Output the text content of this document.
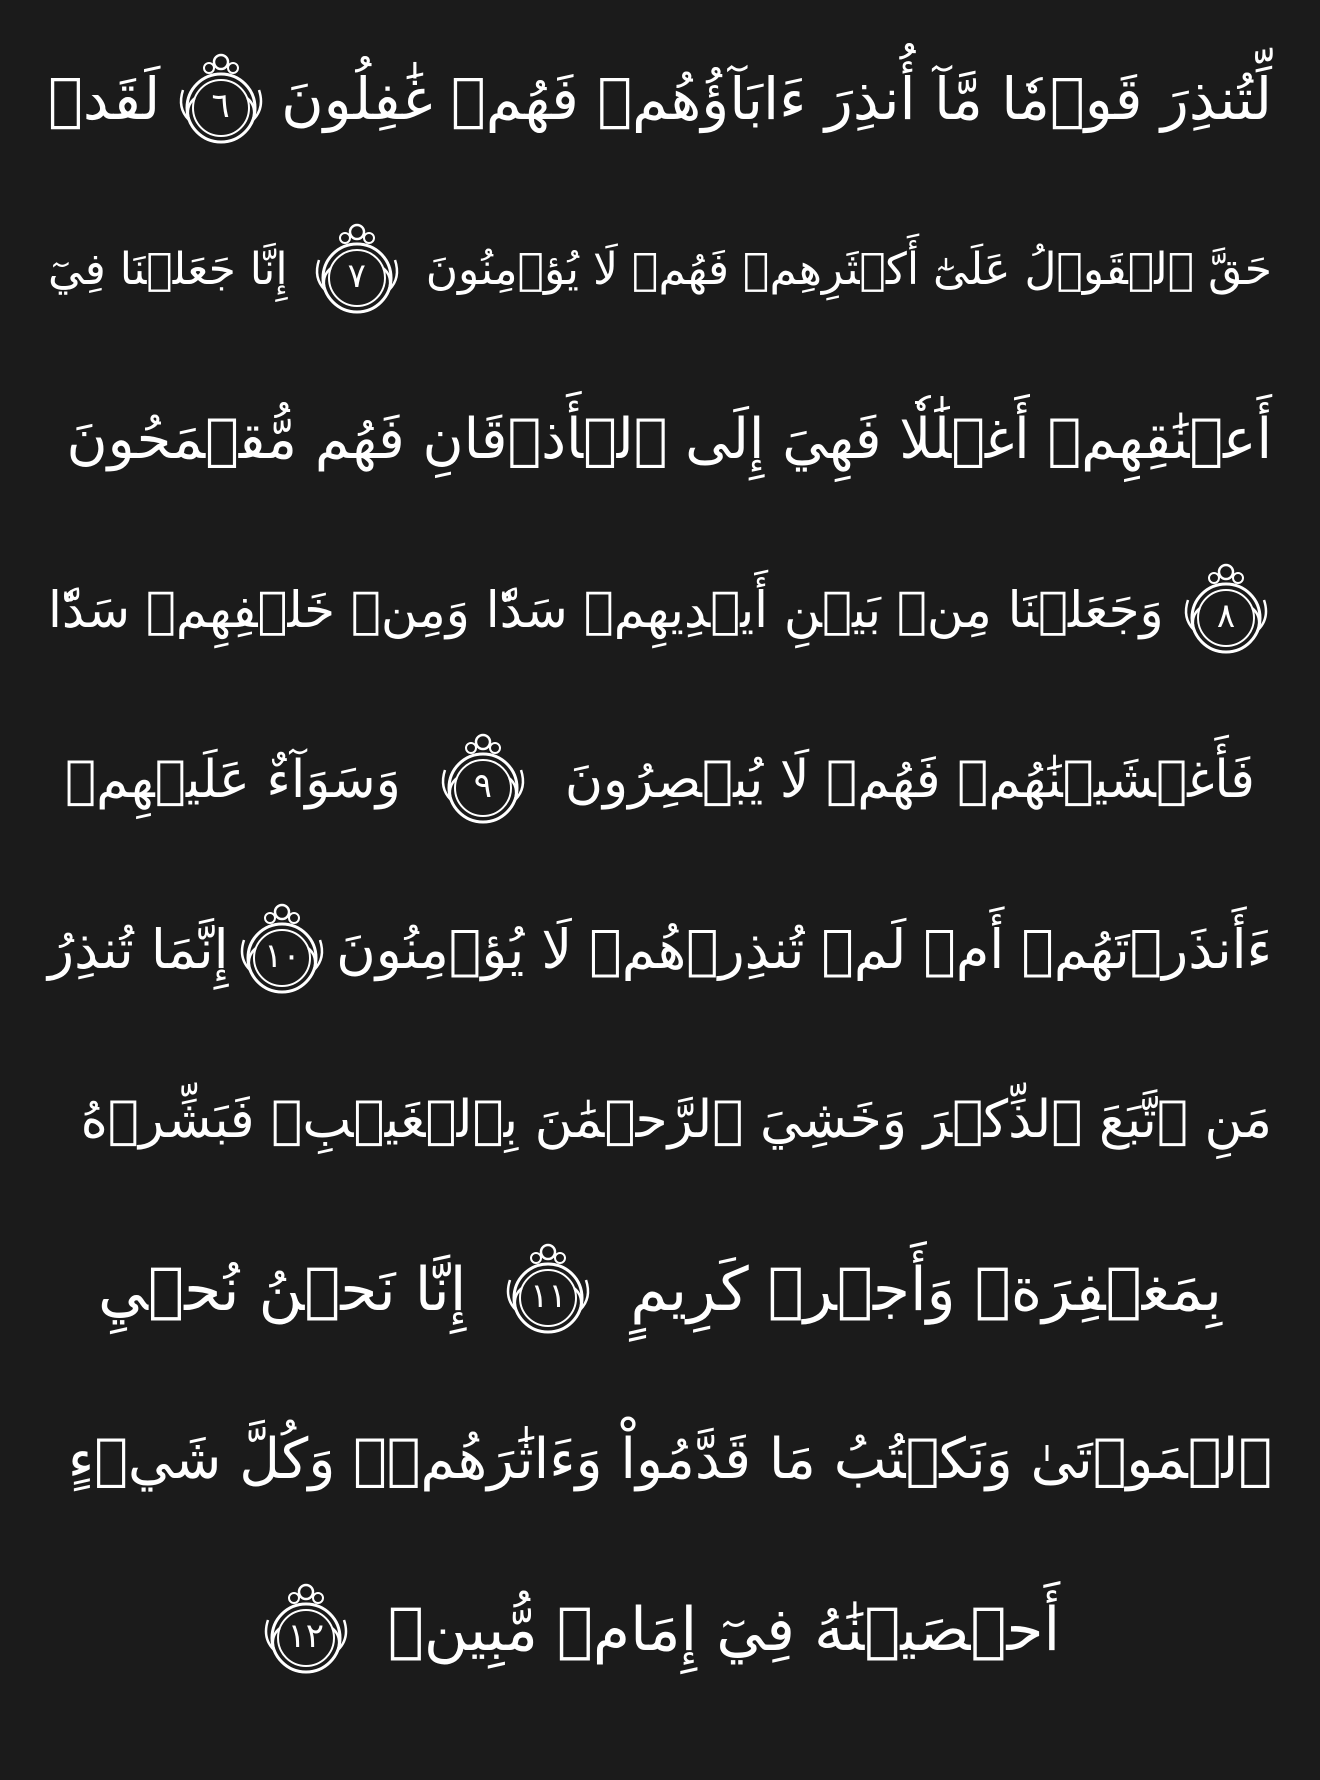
لِّتُنذِرَ قَوۡمٗا مَّآ أُنذِرَ ءَابَآؤُهُمۡ فَهُمۡ غَٰفِلُونَ
٦
لَقَدۡ
حَقَّ ٱلۡقَوۡلُ عَلَىٰٓ أَكۡثَرِهِمۡ فَهُمۡ لَا يُؤۡمِنُونَ
٧
إِنَّا جَعَلۡنَا فِيٓ
أَعۡنَٰقِهِمۡ أَغۡلَٰلٗا فَهِيَ إِلَى ٱلۡأَذۡقَانِ فَهُم مُّقۡمَحُونَ
٨
وَجَعَلۡنَا مِنۢ بَيۡنِ أَيۡدِيهِمۡ سَدّٗا وَمِنۡ خَلۡفِهِمۡ سَدّٗا
فَأَغۡشَيۡنَٰهُمۡ فَهُمۡ لَا يُبۡصِرُونَ
٩
وَسَوَآءٌ عَلَيۡهِمۡ
ءَأَنذَرۡتَهُمۡ أَمۡ لَمۡ تُنذِرۡهُمۡ لَا يُؤۡمِنُونَ
١٠
إِنَّمَا تُنذِرُ
مَنِ ٱتَّبَعَ ٱلذِّكۡرَ وَخَشِيَ ٱلرَّحۡمَٰنَ بِٱلۡغَيۡبِۖ فَبَشِّرۡهُ
بِمَغۡفِرَةٖ وَأَجۡرٖ كَرِيمٍ
١١
إِنَّا نَحۡنُ نُحۡيِ
ٱلۡمَوۡتَىٰ وَنَكۡتُبُ مَا قَدَّمُواْ وَءَاثَٰرَهُمۡۚ وَكُلَّ شَيۡءٍ
أَحۡصَيۡنَٰهُ فِيٓ إِمَامٖ مُّبِينٖ
١٢
